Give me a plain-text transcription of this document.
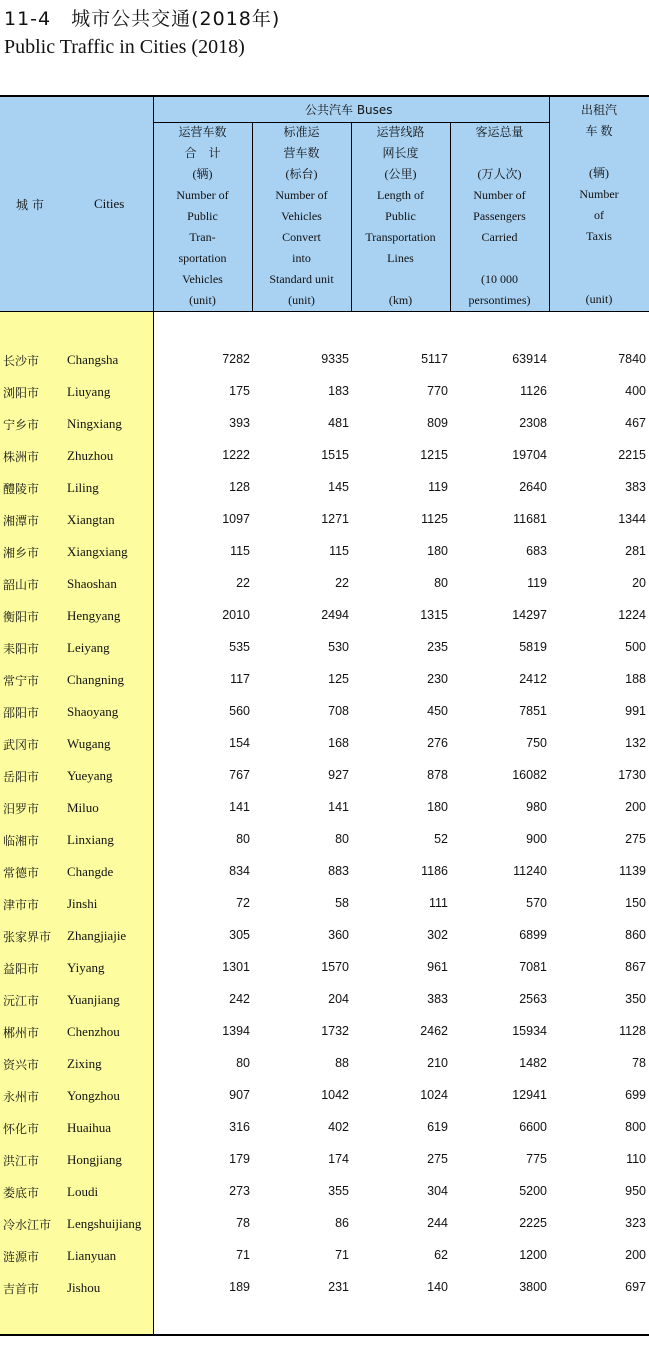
11-4　城市公共交通(2018年)
Public Traffic in Cities (2018)
城 市	Cities
公共汽车 Buses
运营车数
合　计
(辆)
Number of
Public
Tran-
sportation
Vehicles
(unit)
标准运
营车数
(标台)
Number of
Vehicles
Convert
into
Standard unit
(unit)
运营线路
网长度
(公里)
Length of
Public
Transportation
Lines
(km)
客运总量
(万人次)
Number of
Passengers
Carried
(10 000
persontimes)
出租汽
车 数
(辆)
Number
of
Taxis
(unit)
长沙市 Changsha	7282	9335	5117	63914	7840
浏阳市 Liuyang	175	183	770	1126	400
宁乡市 Ningxiang	393	481	809	2308	467
株洲市 Zhuzhou	1222	1515	1215	19704	2215
醴陵市 Liling	128	145	119	2640	383
湘潭市 Xiangtan	1097	1271	1125	11681	1344
湘乡市 Xiangxiang	115	115	180	683	281
韶山市 Shaoshan	22	22	80	119	20
衡阳市 Hengyang	2010	2494	1315	14297	1224
耒阳市 Leiyang	535	530	235	5819	500
常宁市 Changning	117	125	230	2412	188
邵阳市 Shaoyang	560	708	450	7851	991
武冈市 Wugang	154	168	276	750	132
岳阳市 Yueyang	767	927	878	16082	1730
汨罗市 Miluo	141	141	180	980	200
临湘市 Linxiang	80	80	52	900	275
常德市 Changde	834	883	1186	11240	1139
津市市 Jinshi	72	58	111	570	150
张家界市 Zhangjiajie	305	360	302	6899	860
益阳市 Yiyang	1301	1570	961	7081	867
沅江市 Yuanjiang	242	204	383	2563	350
郴州市 Chenzhou	1394	1732	2462	15934	1128
资兴市 Zixing	80	88	210	1482	78
永州市 Yongzhou	907	1042	1024	12941	699
怀化市 Huaihua	316	402	619	6600	800
洪江市 Hongjiang	179	174	275	775	110
娄底市 Loudi	273	355	304	5200	950
冷水江市 Lengshuijiang	78	86	244	2225	323
涟源市 Lianyuan	71	71	62	1200	200
吉首市 Jishou	189	231	140	3800	697
